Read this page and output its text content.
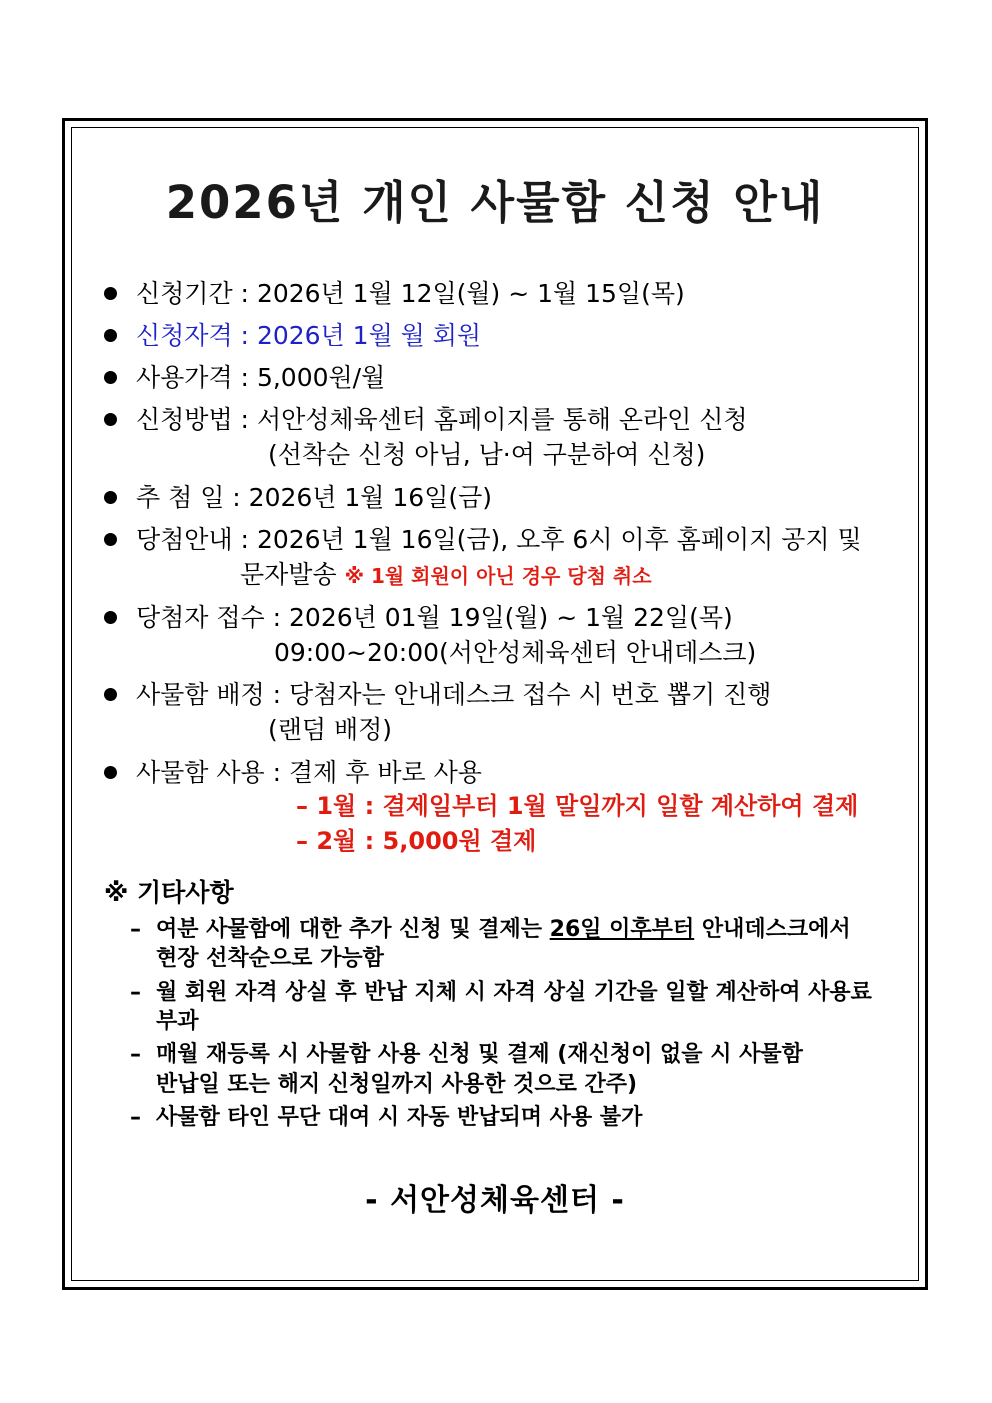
2026년 개인 사물함 신청 안내
신청기간 : 2026년 1월 12일(월) ~ 1월 15일(목)
신청자격 : 2026년 1월 월 회원
사용가격 : 5,000원/월
신청방법 : 서안성체육센터 홈페이지를 통해 온라인 신청
(선착순 신청 아님, 남·여 구분하여 신청)
추 첨 일 : 2026년 1월 16일(금)
당첨안내 : 2026년 1월 16일(금), 오후 6시 이후 홈페이지 공지 및
문자발송 ※ 1월 회원이 아닌 경우 당첨 취소
당첨자 접수 : 2026년 01월 19일(월) ~ 1월 22일(목)
09:00~20:00(서안성체육센터 안내데스크)
사물함 배정 : 당첨자는 안내데스크 접수 시 번호 뽑기 진행
(랜덤 배정)
사물함 사용 : 결제 후 바로 사용
– 1월 : 결제일부터 1월 말일까지 일할 계산하여 결제
– 2월 : 5,000원 결제
※ 기타사항
– 여분 사물함에 대한 추가 신청 및 결제는 26일 이후부터 안내데스크에서
현장 선착순으로 가능함
– 월 회원 자격 상실 후 반납 지체 시 자격 상실 기간을 일할 계산하여 사용료 부과
– 매월 재등록 시 사물함 사용 신청 및 결제 (재신청이 없을 시 사물함
반납일 또는 해지 신청일까지 사용한 것으로 간주)
– 사물함 타인 무단 대여 시 자동 반납되며 사용 불가
- 서안성체육센터 -
